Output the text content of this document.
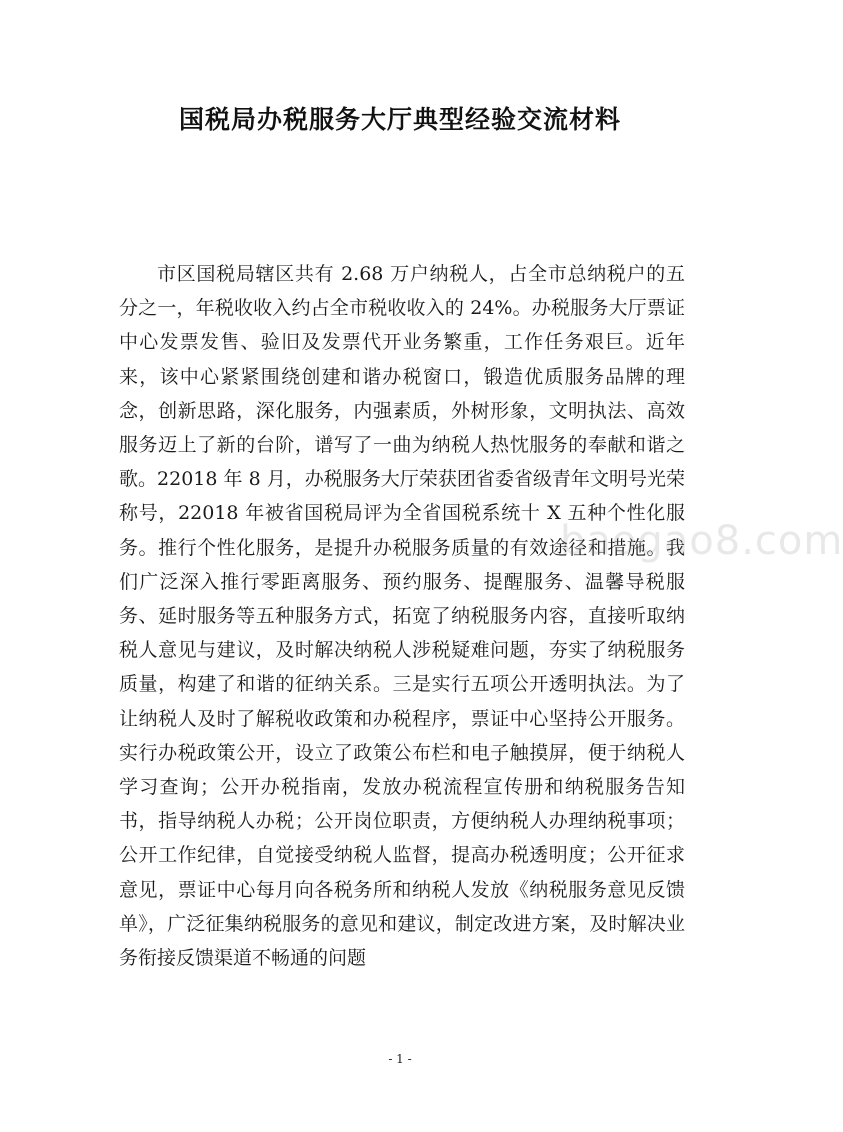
国税局办税服务大厅典型经验交流材料

市区国税局辖区共有 2.68 万户纳税人，占全市总纳税户的五分之一，年税收收入约占全市税收收入的 24%。办税服务大厅票证中心发票发售、验旧及发票代开业务繁重，工作任务艰巨。近年来，该中心紧紧围绕创建和谐办税窗口，锻造优质服务品牌的理念，创新思路，深化服务，内强素质，外树形象，文明执法、高效服务迈上了新的台阶，谱写了一曲为纳税人热忱服务的奉献和谐之歌。22018 年 8 月，办税服务大厅荣获团省委省级青年文明号光荣称号，22018 年被省国税局评为全省国税系统十 X 五种个性化服务。推行个性化服务，是提升办税服务质量的有效途径和措施。我们广泛深入推行零距离服务、预约服务、提醒服务、温馨导税服务、延时服务等五种服务方式，拓宽了纳税服务内容，直接听取纳税人意见与建议，及时解决纳税人涉税疑难问题，夯实了纳税服务质量，构建了和谐的征纳关系。三是实行五项公开透明执法。为了让纳税人及时了解税收政策和办税程序，票证中心坚持公开服务。实行办税政策公开，设立了政策公布栏和电子触摸屏，便于纳税人学习查询；公开办税指南，发放办税流程宣传册和纳税服务告知书，指导纳税人办税；公开岗位职责，方便纳税人办理纳税事项；公开工作纪律，自觉接受纳税人监督，提高办税透明度；公开征求意见，票证中心每月向各税务所和纳税人发放《纳税服务意见反馈单》，广泛征集纳税服务的意见和建议，制定改进方案，及时解决业务衔接反馈渠道不畅通的问题

baogao8.com
- 1 -
